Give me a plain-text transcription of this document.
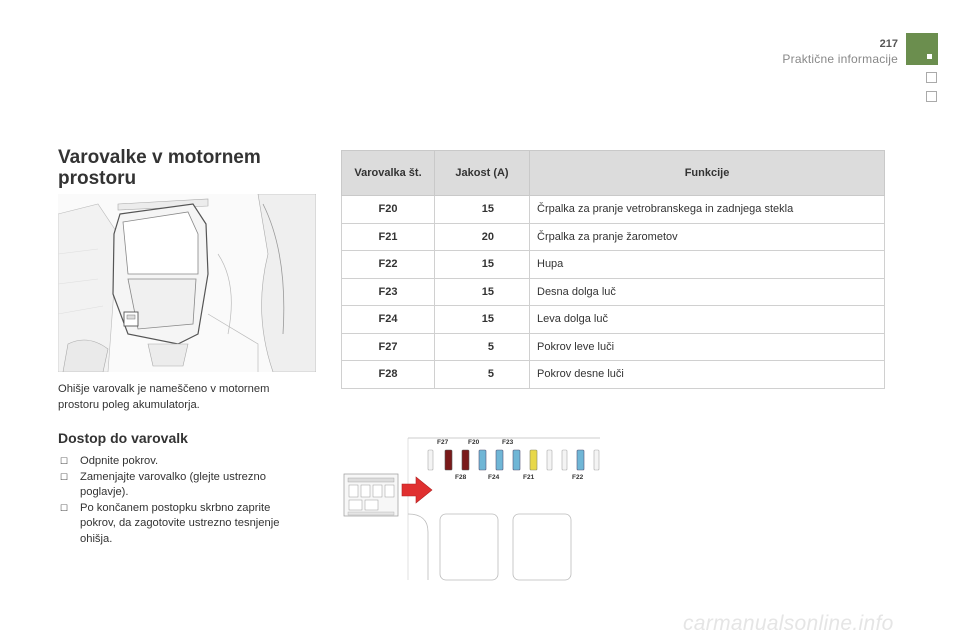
217
Praktične informacije
Varovalke v motornem prostoru
Ohišje varovalk je nameščeno v motornem prostoru poleg akumulatorja.
Dostop do varovalk
☐ Odpnite pokrov.
☐ Zamenjajte varovalko (glejte ustrezno poglavje).
☐ Po končanem postopku skrbno zaprite pokrov, da zagotovite ustrezno tesnjenje ohišja.
Varovalka št.	Jakost (A)	Funkcije
F20	15	Črpalka za pranje vetrobranskega in zadnjega stekla
F21	20	Črpalka za pranje žarometov
F22	15	Hupa
F23	15	Desna dolga luč
F24	15	Leva dolga luč
F27	5	Pokrov leve luči
F28	5	Pokrov desne luči
F27	F20	F23
F28	F24	F21	F22
carmanualsonline.info
